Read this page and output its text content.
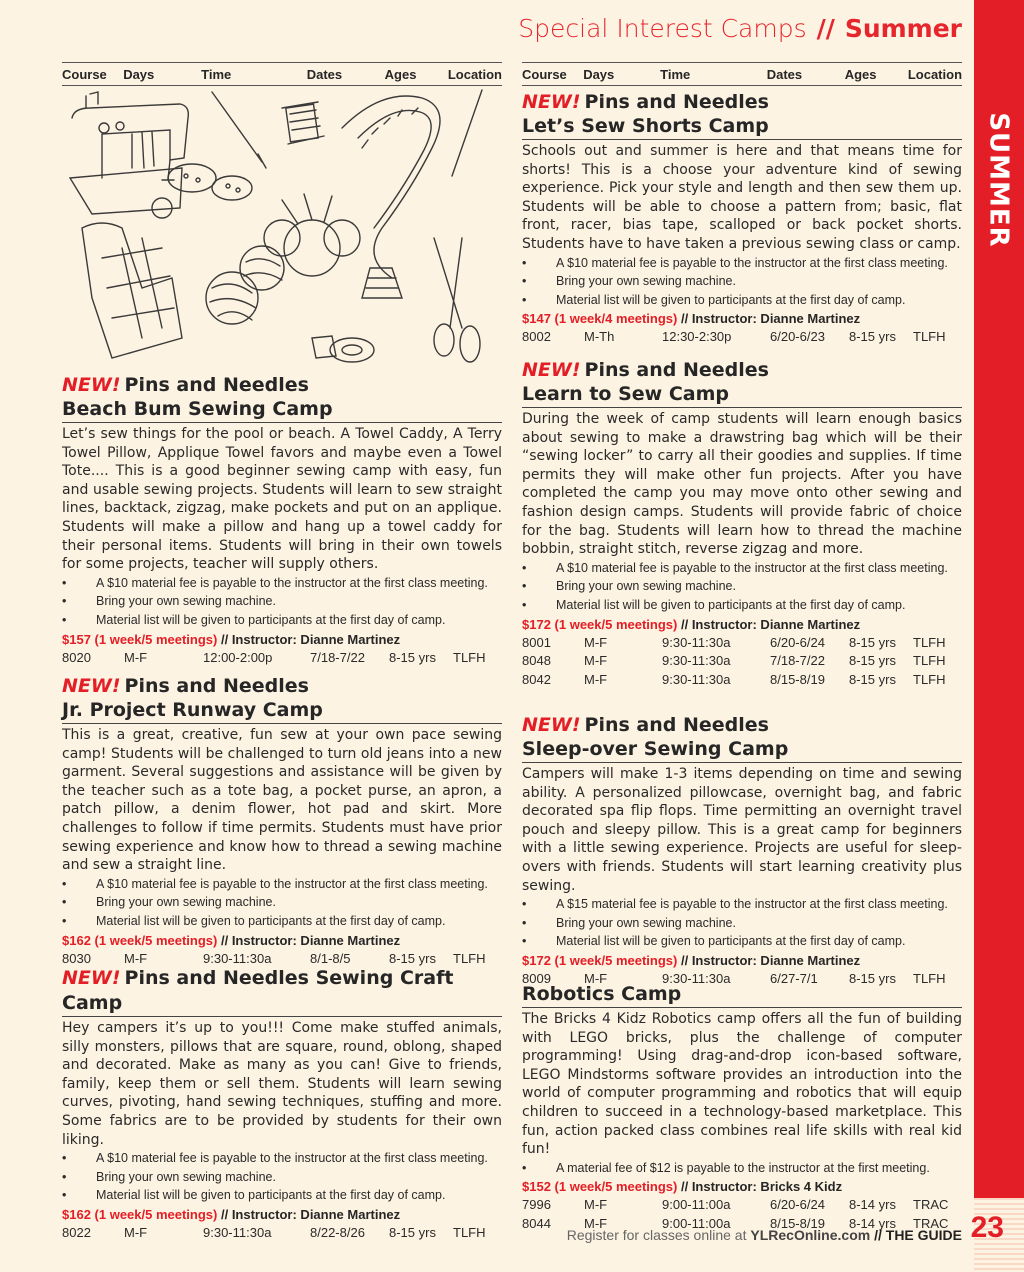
Special Interest Camps // Summer
SUMMER
Course	Days	Time	Dates	Ages	Location
NEW! Pins and Needles
Beach Bum Sewing Camp

Let’s sew things for the pool or beach. A Towel Caddy, A Terry Towel Pillow, Applique Towel favors and maybe even a Towel Tote.... This is a good beginner sewing camp with easy, fun and usable sewing projects. Students will learn to sew straight lines, backtack, zigzag, make pockets and put on an applique. Students will make a pillow and hang up a towel caddy for their personal items. Students will bring in their own towels for some projects, teacher will supply others.

•	A $10 material fee is payable to the instructor at the first class meeting.
•	Bring your own sewing machine.
•	Material list will be given to participants at the first day of camp.
$157 (1 week/5 meetings) // Instructor: Dianne Martinez
8020	M-F	12:00-2:00p	7/18-7/22	8-15 yrs	TLFH
NEW! Pins and Needles
Jr. Project Runway Camp

This is a great, creative, fun sew at your own pace sewing camp! Students will be challenged to turn old jeans into a new garment. Several suggestions and assistance will be given by the teacher such as a tote bag, a pocket purse, an apron, a patch pillow, a denim flower, hot pad and skirt. More challenges to follow if time permits. Students must have prior sewing experience and know how to thread a sewing machine and sew a straight line.

•	A $10 material fee is payable to the instructor at the first class meeting.
•	Bring your own sewing machine.
•	Material list will be given to participants at the first day of camp.
$162 (1 week/5 meetings) // Instructor: Dianne Martinez
8030	M-F	9:30-11:30a	8/1-8/5	8-15 yrs	TLFH
NEW! Pins and Needles Sewing Craft Camp

Hey campers it’s up to you!!! Come make stuffed animals, silly monsters, pillows that are square, round, oblong, shaped and decorated. Make as many as you can! Give to friends, family, keep them or sell them. Students will learn sewing curves, pivoting, hand sewing techniques, stuffing and more. Some fabrics are to be provided by students for their own liking.

•	A $10 material fee is payable to the instructor at the first class meeting.
•	Bring your own sewing machine.
•	Material list will be given to participants at the first day of camp.
$162 (1 week/5 meetings) // Instructor: Dianne Martinez
8022	M-F	9:30-11:30a	8/22-8/26	8-15 yrs	TLFH
Course	Days	Time	Dates	Ages	Location
NEW! Pins and Needles
Let’s Sew Shorts Camp

Schools out and summer is here and that means time for shorts! This is a choose your adventure kind of sewing experience. Pick your style and length and then sew them up. Students will be able to choose a pattern from; basic, flat front, racer, bias tape, scalloped or back pocket shorts. Students have to have taken a previous sewing class or camp.

•	A $10 material fee is payable to the instructor at the first class meeting.
•	Bring your own sewing machine.
•	Material list will be given to participants at the first day of camp.
$147 (1 week/4 meetings) // Instructor: Dianne Martinez
8002	M-Th	12:30-2:30p	6/20-6/23	8-15 yrs	TLFH
NEW! Pins and Needles
Learn to Sew Camp

During the week of camp students will learn enough basics about sewing to make a drawstring bag which will be their “sewing locker” to carry all their goodies and supplies. If time permits they will make other fun projects. After you have completed the camp you may move onto other sewing and fashion design camps. Students will provide fabric of choice for the bag. Students will learn how to thread the machine bobbin, straight stitch, reverse zigzag and more.

•	A $10 material fee is payable to the instructor at the first class meeting.
•	Bring your own sewing machine.
•	Material list will be given to participants at the first day of camp.
$172 (1 week/5 meetings) // Instructor: Dianne Martinez
8001	M-F	9:30-11:30a	6/20-6/24	8-15 yrs	TLFH
8048	M-F	9:30-11:30a	7/18-7/22	8-15 yrs	TLFH
8042	M-F	9:30-11:30a	8/15-8/19	8-15 yrs	TLFH
NEW! Pins and Needles
Sleep-over Sewing Camp

Campers will make 1-3 items depending on time and sewing ability. A personalized pillowcase, overnight bag, and fabric decorated spa flip flops. Time permitting an overnight travel pouch and sleepy pillow. This is a great camp for beginners with a little sewing experience. Projects are useful for sleep-overs with friends. Students will start learning creativity plus sewing.

•	A $15 material fee is payable to the instructor at the first class meeting.
•	Bring your own sewing machine.
•	Material list will be given to participants at the first day of camp.
$172 (1 week/5 meetings) // Instructor: Dianne Martinez
8009	M-F	9:30-11:30a	6/27-7/1	8-15 yrs	TLFH
Robotics Camp

The Bricks 4 Kidz Robotics camp offers all the fun of building with LEGO bricks, plus the challenge of computer programming! Using drag-and-drop icon-based software, LEGO Mindstorms software provides an introduction into the world of computer programming and robotics that will equip children to succeed in a technology-based marketplace. This fun, action packed class combines real life skills with real kid fun!

•	A material fee of $12 is payable to the instructor at the first meeting.
$152 (1 week/5 meetings) // Instructor: Bricks 4 Kidz
7996	M-F	9:00-11:00a	6/20-6/24	8-14 yrs	TRAC
8044	M-F	9:00-11:00a	8/15-8/19	8-14 yrs	TRAC
Register for classes online at YLRecOnline.com // THE GUIDE 23
